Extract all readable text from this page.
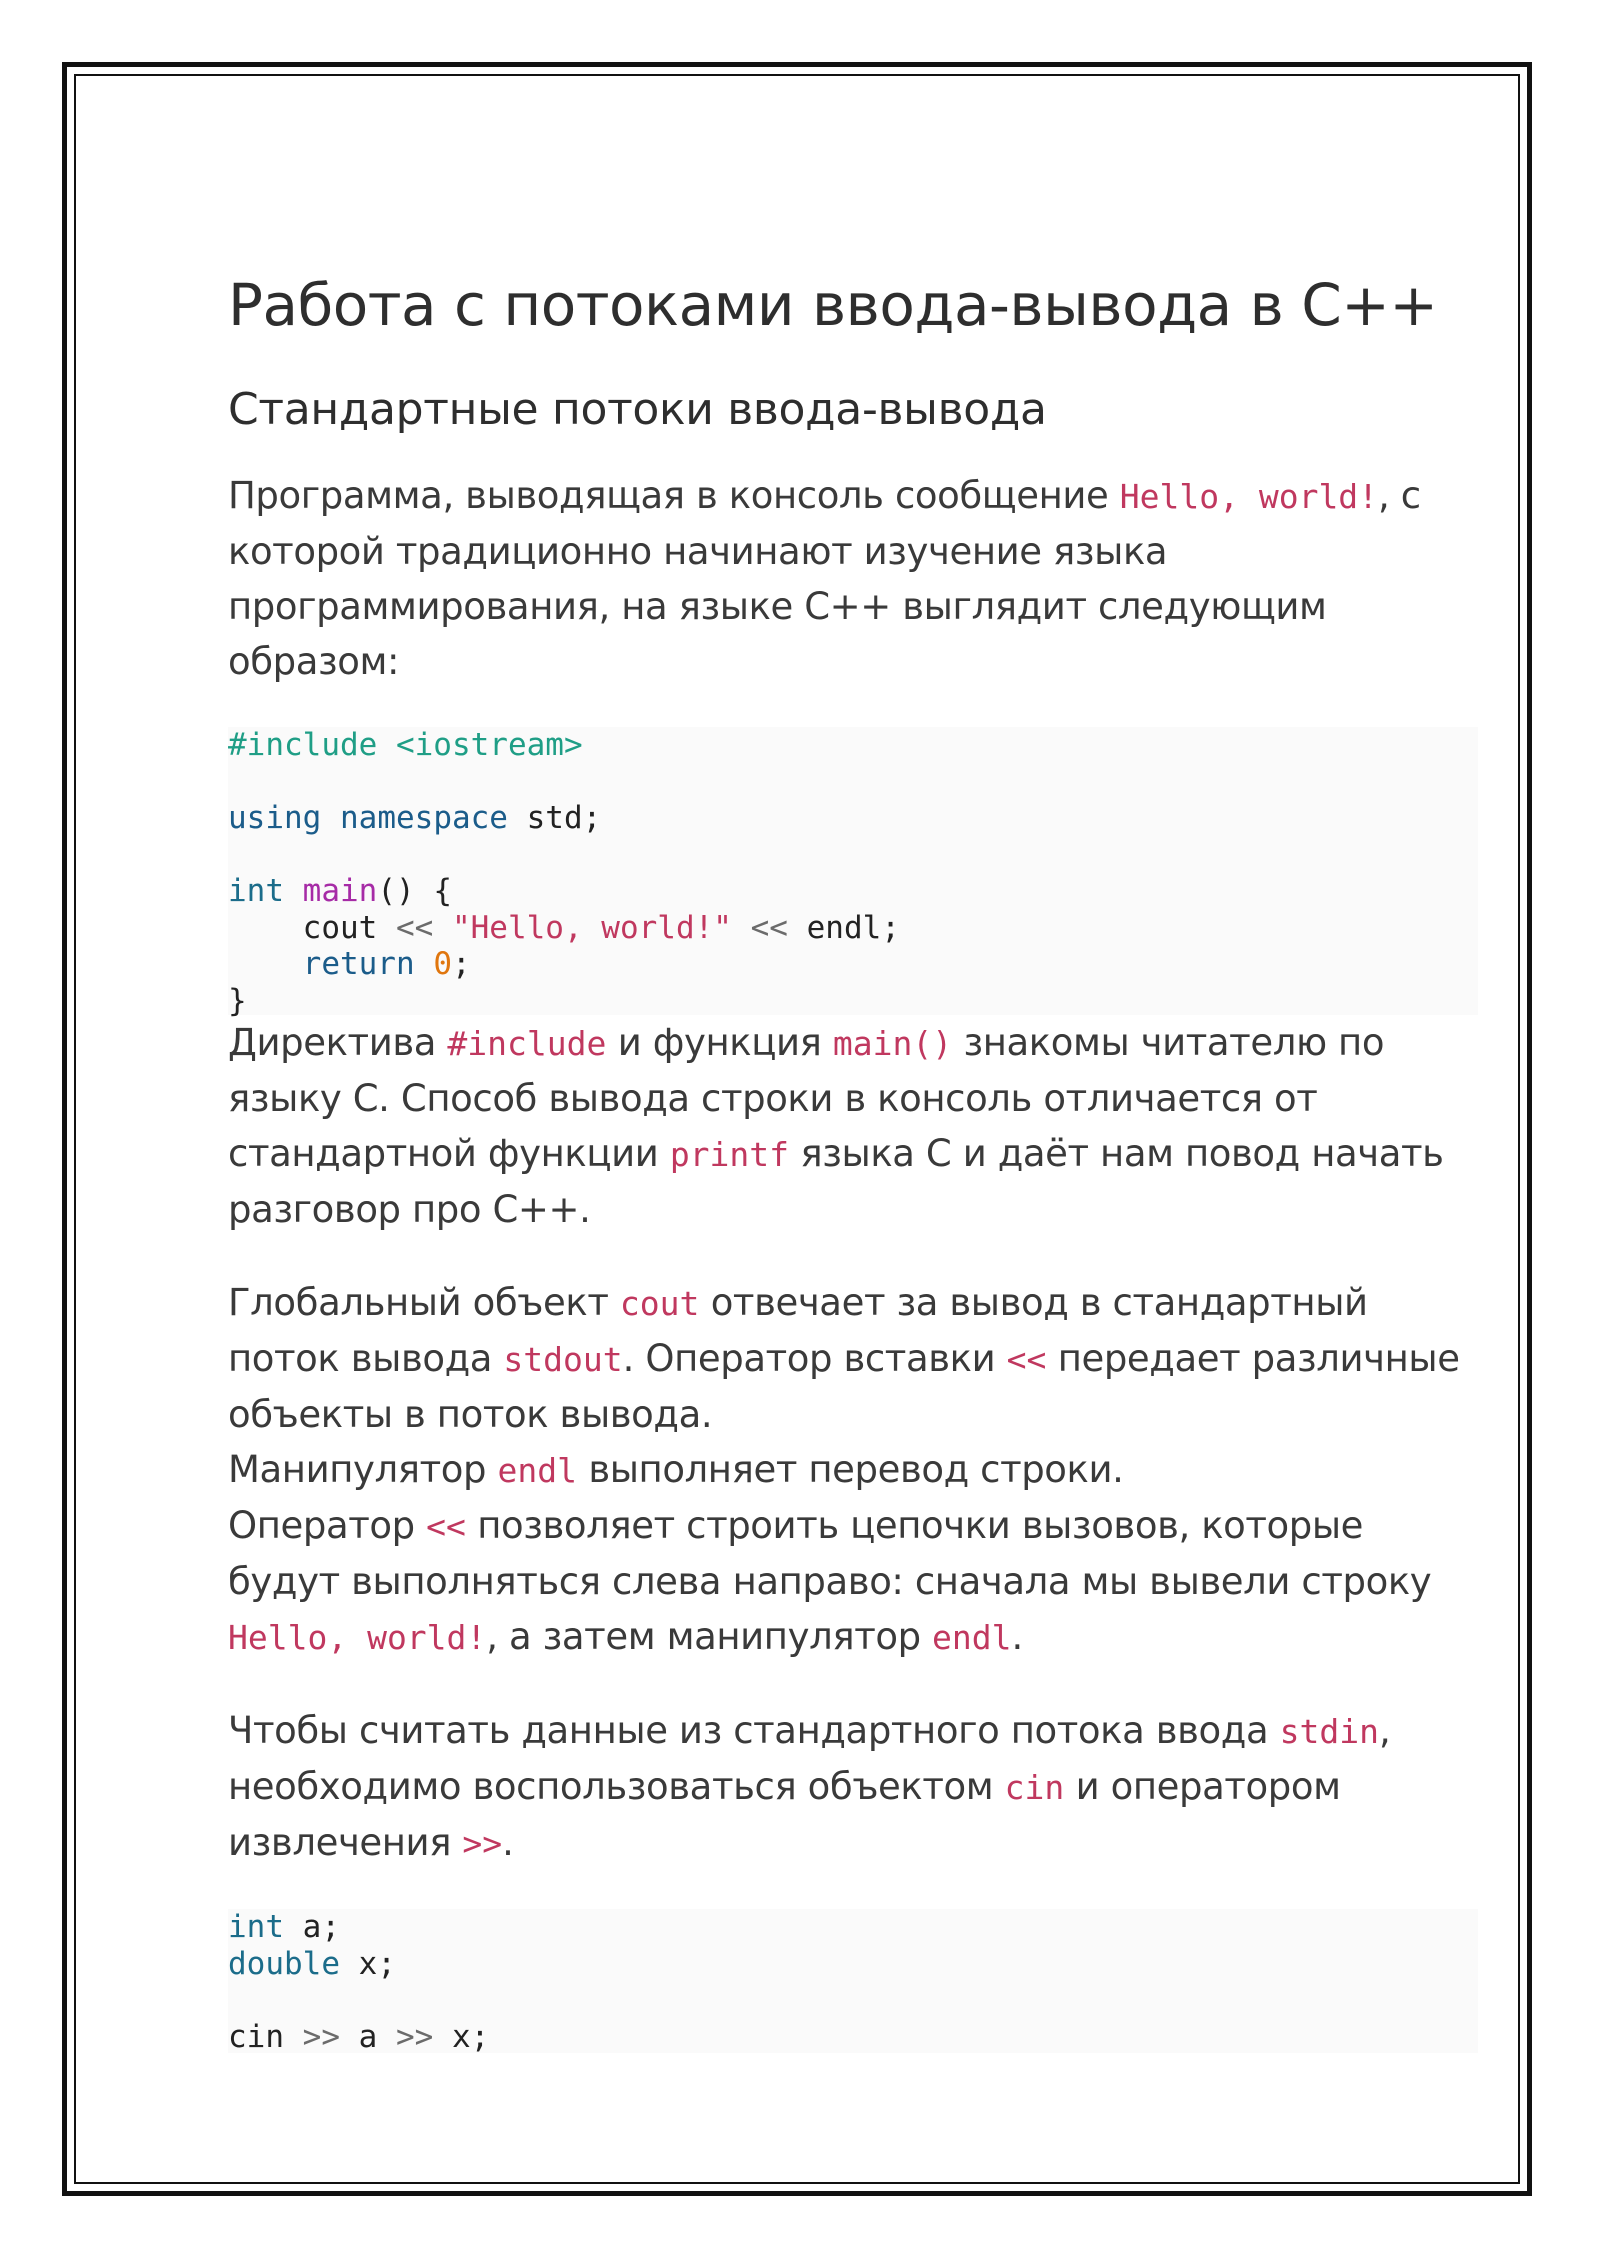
Работа с потоками ввода-вывода в C++
Стандартные потоки ввода-вывода

Программа, выводящая в консоль сообщение Hello, world!, с которой традиционно начинают изучение языка программирования, на языке C++ выглядит следующим образом:

#include <iostream>

using namespace std;

int main() {
cout << "Hello, world!" << endl;
return 0;
}

Директива #include и функция main() знакомы читателю по языку С. Способ вывода строки в консоль отличается от стандартной функции printf языка С и даёт нам повод начать разговор про C++.

Глобальный объект cout отвечает за вывод в стандартный поток вывода stdout. Оператор вставки << передает различные объекты в поток вывода.

Манипулятор endl выполняет перевод строки.

Оператор << позволяет строить цепочки вызовов, которые будут выполняться слева направо: сначала мы вывели строку Hello, world!, а затем манипулятор endl.

Чтобы считать данные из стандартного потока ввода stdin, необходимо воспользоваться объектом cin и оператором извлечения >>.

int a;
double x;

cin >> a >> x;
